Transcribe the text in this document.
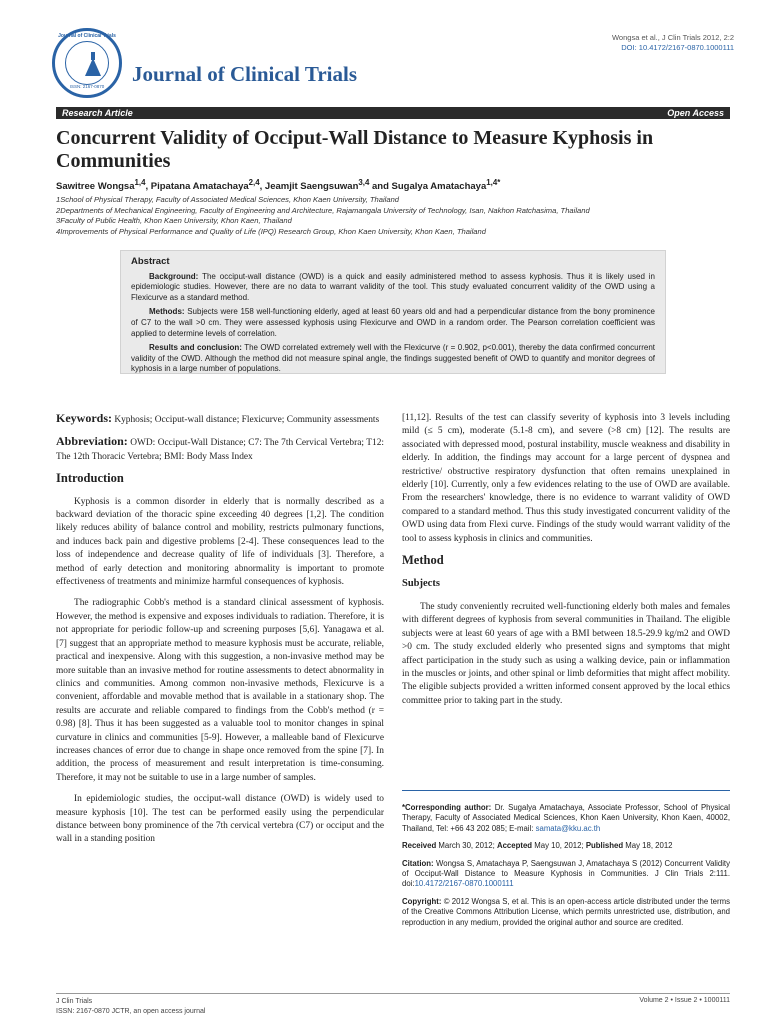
Journal of Clinical Trials
ISSN: 2167-0870
Journal of Clinical Trials
Wongsa et al., J Clin Trials 2012, 2:2
DOI: 10.4172/2167-0870.1000111
Research Article	Open Access
Concurrent Validity of Occiput-Wall Distance to Measure Kyphosis in Communities
Sawitree Wongsa$^{1,4}$, Pipatana Amatachaya$^{2,4}$, Jeamjit Saengsuwan$^{3,4}$ and Sugalya Amatachaya$^{1,4*}$
1School of Physical Therapy, Faculty of Associated Medical Sciences, Khon Kaen University, Thailand
2Departments of Mechanical Engineering, Faculty of Engineering and Architecture, Rajamangala University of Technology, Isan, Nakhon Ratchasima, Thailand
3Faculty of Public Health, Khon Kaen University, Khon Kaen, Thailand
4Improvements of Physical Performance and Quality of Life (IPQ) Research Group, Khon Kaen University, Khon Kaen, Thailand
Abstract

Background: The occiput-wall distance (OWD) is a quick and easily administered method to assess kyphosis. Thus it is likely used in epidemiologic studies. However, there are no data to warrant validity of the tool. This study evaluated concurrent validity of the OWD using a Flexicurve as a standard method.

Methods: Subjects were 158 well-functioning elderly, aged at least 60 years old and had a perpendicular distance from the bony prominence of C7 to the wall >0 cm. They were assessed kyphosis using Flexicurve and OWD in a random order. The Pearson correlation coefficient was applied to determine levels of correlation.

Results and conclusion: The OWD correlated extremely well with the Flexicurve (r = 0.902, p<0.001), thereby the data confirmed concurrent validity of the OWD. Although the method did not measure spinal angle, the findings suggested benefit of OWD to quantify and monitor degrees of kyphosis in a large number of populations.

Keywords: Kyphosis; Occiput-wall distance; Flexicurve; Community assessments

Abbreviation: OWD: Occiput-Wall Distance; C7: The 7th Cervical Vertebra; T12: The 12th Thoracic Vertebra; BMI: Body Mass Index

Introduction

Kyphosis is a common disorder in elderly that is normally described as a backward deviation of the thoracic spine exceeding 40 degrees [1,2]. The condition likely reduces ability of balance control and mobility, restricts pulmonary functions, and induces back pain and digestive problems [2-4]. These consequences lead to the loss of independence and decrease quality of life of individuals [3]. Therefore, a method of early detection and monitoring abnormality is important to promote effectiveness of treatments and minimize harmful consequences of kyphosis.

The radiographic Cobb's method is a standard clinical assessment of kyphosis. However, the method is expensive and exposes individuals to radiation. Therefore, it is not appropriate for periodic follow-up and screening purposes [5,6]. Yanagawa et al. [7] suggest that an appropriate method to measure kyphosis must be accurate, reliable, practical and inexpensive. Along with this suggestion, a non-invasive method may be more suitable than an invasive method for routine assessments to detect abnormality in clinics and communities. Among common non-invasive methods, Flexicurve is a convenient, affordable and movable method that is available in a stationary shop. The results are accurate and reliable compared to findings from the Cobb's method (r = 0.98) [8]. Thus it has been suggested as a valuable tool to monitor changes in spinal curvature in clinics and communities [5-9]. However, a malleable band of Flexicurve increases chances of error due to change in shape once removed from the spine [7]. In addition, the process of measurement and result interpretation is time-consuming. Therefore, it may not be suitable to use in a large number of samples.

In epidemiologic studies, the occiput-wall distance (OWD) is widely used to measure kyphosis [10]. The test can be performed easily using the perpendicular distance between bony prominence of the 7th cervical vertebra (C7) or occiput and the wall in a standing position

[11,12]. Results of the test can classify severity of kyphosis into 3 levels including mild (≤ 5 cm), moderate (5.1-8 cm), and severe (>8 cm) [12]. The results are associated with depressed mood, postural instability, muscle weakness and disability in elderly. In addition, the findings may account for a large percent of dyspnea and restrictive/ obstructive respiratory dysfunction that often remains unexplained in elderly [10]. Currently, only a few evidences relating to the use of OWD are available. From the researchers' knowledge, there is no evidence to warrant validity of OWD compared to a standard method. Thus this study investigated concurrent validity of the OWD using data from Flexi curve. Findings of the study would warrant validity of the tool to assess kyphosis in clinics and communities.

Method
Subjects

The study conveniently recruited well-functioning elderly both males and females with different degrees of kyphosis from several communities in Thailand. The eligible subjects were at least 60 years of age with a BMI between 18.5-29.9 kg/m2 and OWD >0 cm. The study excluded elderly who presented signs and symptoms that might affect participation in the study such as using a walking device, pain or inflammation in the muscles or joints, and other spinal or limb deformities that might affect mobility. The eligible subjects provided a written informed consent approved by the local ethics committee prior to taking part in the study.

*Corresponding author: Dr. Sugalya Amatachaya, Associate Professor, School of Physical Therapy, Faculty of Associated Medical Sciences, Khon Kaen University, Khon Kaen, 40002, Thailand, Tel: +66 43 202 085; E-mail: samata@kku.ac.th

Received March 30, 2012; Accepted May 10, 2012; Published May 18, 2012

Citation: Wongsa S, Amatachaya P, Saengsuwan J, Amatachaya S (2012) Concurrent Validity of Occiput-Wall Distance to Measure Kyphosis in Communities. J Clin Trials 2:111. doi:10.4172/2167-0870.1000111

Copyright: © 2012 Wongsa S, et al. This is an open-access article distributed under the terms of the Creative Commons Attribution License, which permits unrestricted use, distribution, and reproduction in any medium, provided the original author and source are credited.

J Clin Trials
ISSN: 2167-0870 JCTR, an open access journal
Volume 2 • Issue 2 • 1000111
